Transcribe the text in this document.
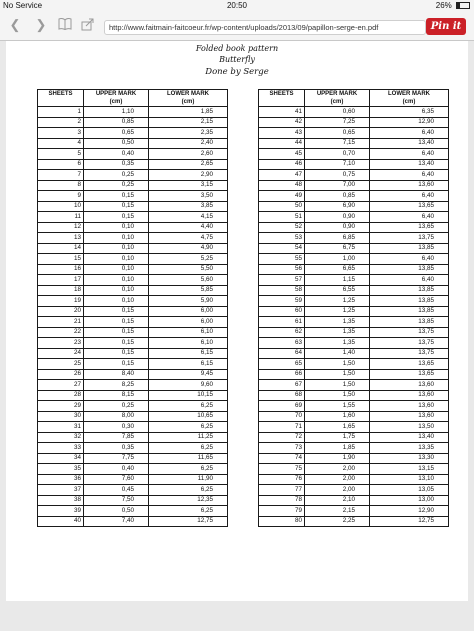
No Service	20:50	26%
❮ ❯	http://www.faitmain-faitcoeur.fr/wp-content/uploads/2013/09/papillon-serge-en.pdf	Pin it
Folded book pattern
Butterfly
Done by Serge
SHEETS	UPPER MARK	LOWER MARK
	(cm)	(cm)
1	1,10	1,85
2	0,85	2,15
3	0,65	2,35
4	0,50	2,40
5	0,40	2,60
6	0,35	2,65
7	0,25	2,90
8	0,25	3,15
9	0,15	3,50
10	0,15	3,85
11	0,15	4,15
12	0,10	4,40
13	0,10	4,75
14	0,10	4,90
15	0,10	5,25
16	0,10	5,50
17	0,10	5,60
18	0,10	5,85
19	0,10	5,90
20	0,15	6,00
21	0,15	6,00
22	0,15	6,10
23	0,15	6,10
24	0,15	6,15
25	0,15	6,15
26	8,40	9,45
27	8,25	9,60
28	8,15	10,15
29	0,25	6,25
30	8,00	10,65
31	0,30	6,25
32	7,85	11,25
33	0,35	6,25
34	7,75	11,65
35	0,40	6,25
36	7,60	11,90
37	0,45	6,25
38	7,50	12,35
39	0,50	6,25
40	7,40	12,75
SHEETS	UPPER MARK	LOWER MARK
	(cm)	(cm)
41	0,60	6,35
42	7,25	12,90
43	0,65	6,40
44	7,15	13,40
45	0,70	6,40
46	7,10	13,40
47	0,75	6,40
48	7,00	13,60
49	0,85	6,40
50	6,90	13,65
51	0,90	6,40
52	0,90	13,65
53	6,85	13,75
54	6,75	13,85
55	1,00	6,40
56	6,65	13,85
57	1,15	6,40
58	6,55	13,85
59	1,25	13,85
60	1,25	13,85
61	1,35	13,85
62	1,35	13,75
63	1,35	13,75
64	1,40	13,75
65	1,50	13,65
66	1,50	13,65
67	1,50	13,60
68	1,50	13,60
69	1,55	13,60
70	1,60	13,60
71	1,65	13,50
72	1,75	13,40
73	1,85	13,35
74	1,90	13,30
75	2,00	13,15
76	2,00	13,10
77	2,00	13,05
78	2,10	13,00
79	2,15	12,90
80	2,25	12,75
